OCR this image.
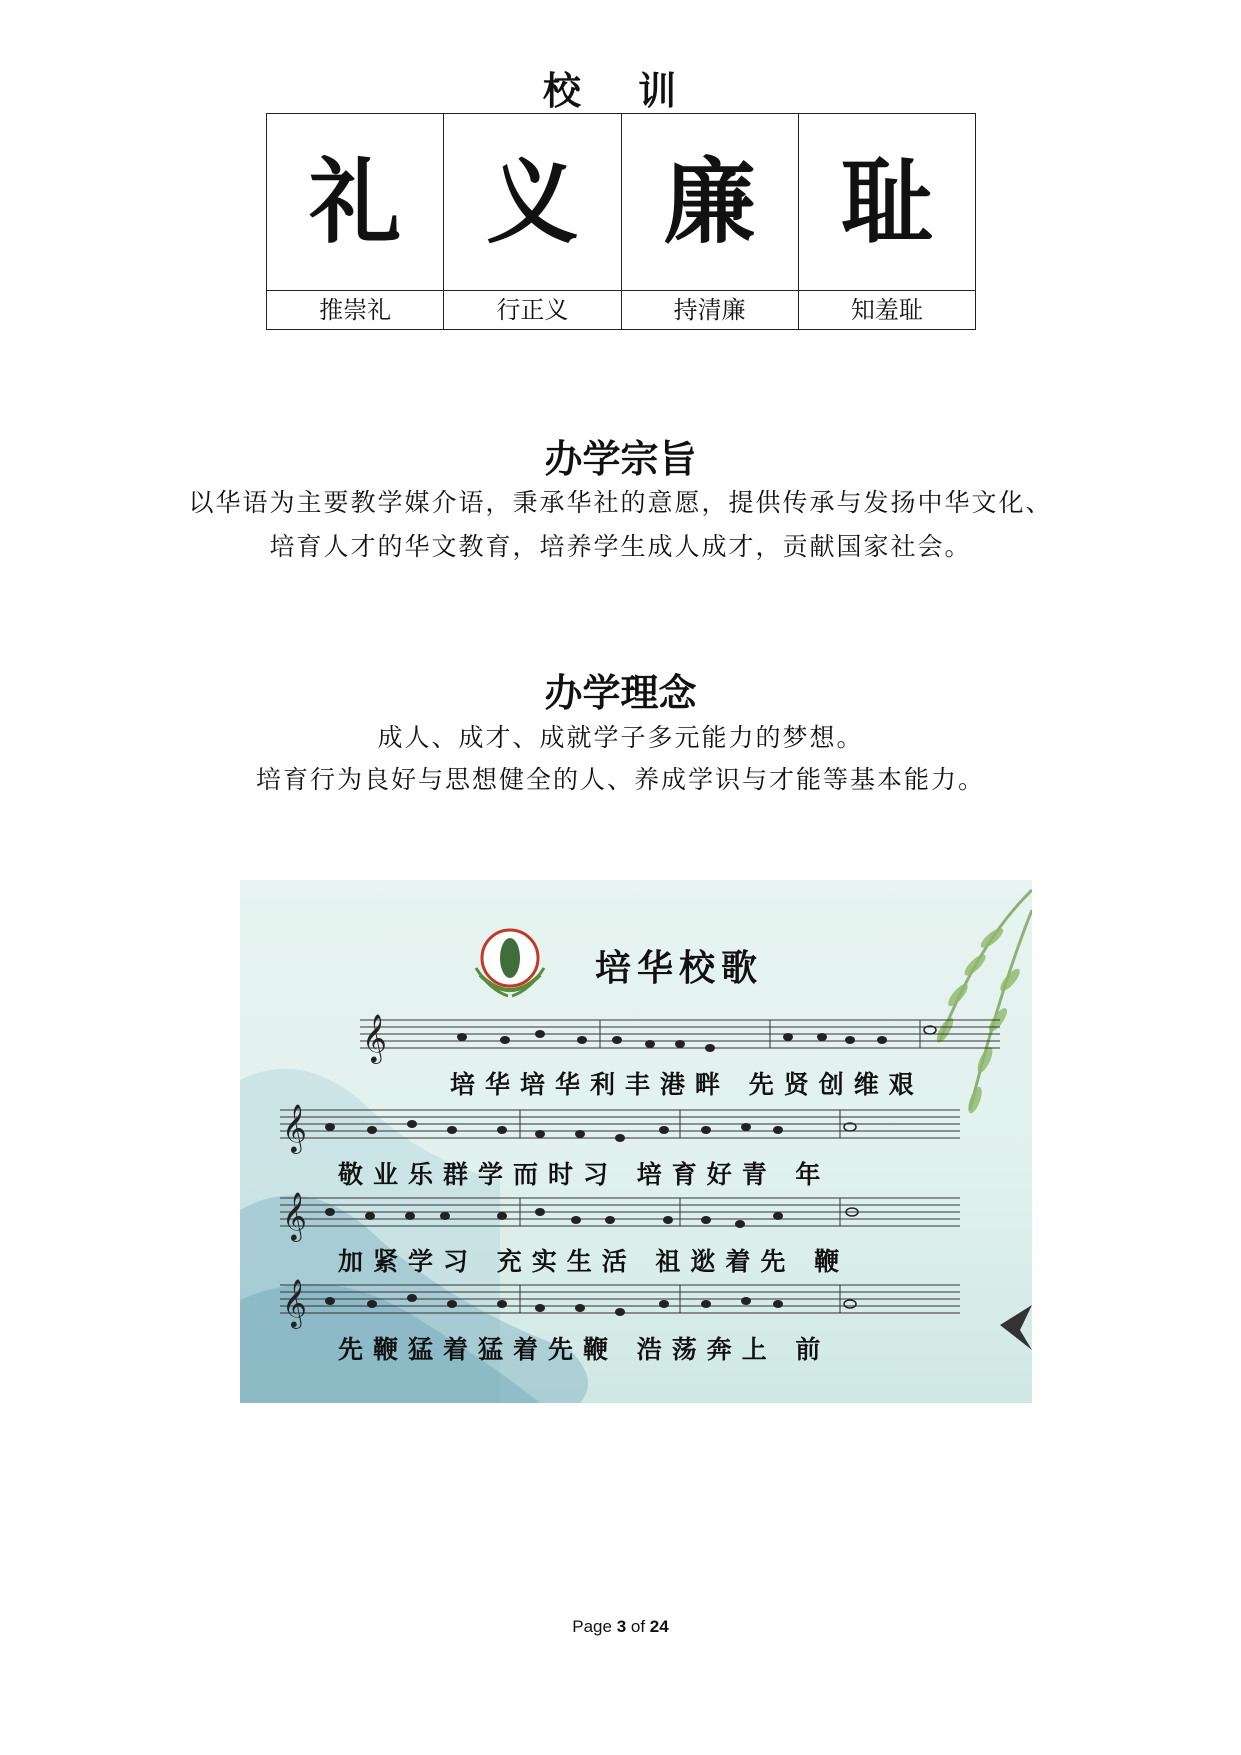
校 训
礼	义	廉	耻
推崇礼	行正义	持清廉	知羞耻
办学宗旨
以华语为主要教学媒介语，秉承华社的意愿，提供传承与发扬中华文化、
培育人才的华文教育，培养学生成人成才，贡献国家社会。
办学理念
成人、成才、成就学子多元能力的梦想。
培育行为良好与思想健全的人、养成学识与才能等基本能力。
𝄞
𝄞
𝄞
𝄞
培华校歌
培华培华利丰港畔 先贤创维艰
敬业乐群学而时习 培育好青 年
加紧学习 充实生活 祖逖着先 鞭
先鞭猛着猛着先鞭 浩荡奔上 前
Page 3 of 24
